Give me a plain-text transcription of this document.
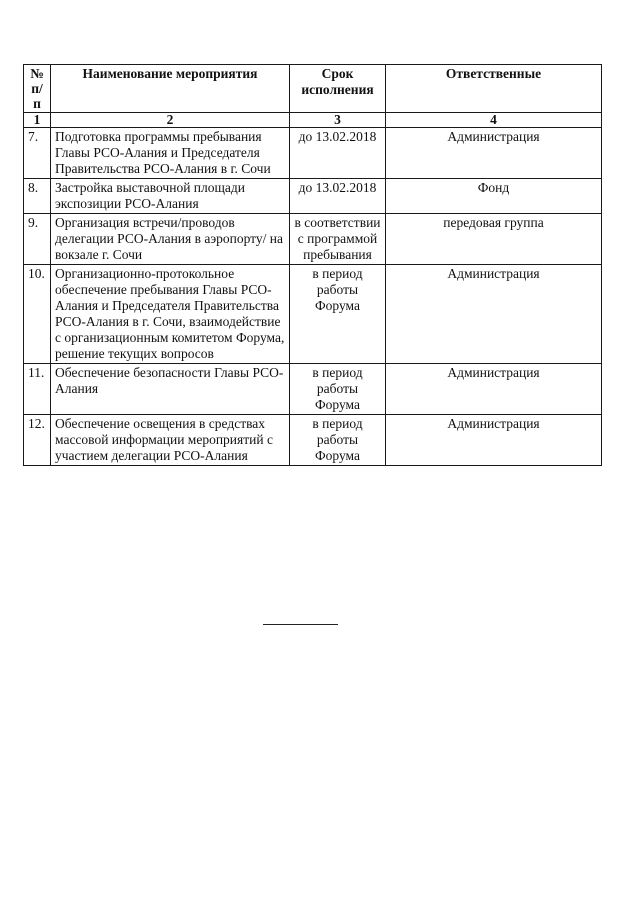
№ п/п	Наименование мероприятия	Срок исполнения	Ответственные
1	2	3	4
7.	Подготовка программы пребывания Главы РСО-Алания и Председателя Правительства РСО-Алания в г. Сочи	до 13.02.2018	Администрация
8.	Застройка выставочной площади экспозиции РСО-Алания	до 13.02.2018	Фонд
9.	Организация встречи/проводов делегации РСО-Алания в аэропорту/ на вокзале г. Сочи	в соответствии с программой пребывания	передовая группа
10.	Организационно-протокольное обеспечение пребывания Главы РСО-Алания и Председателя Правительства РСО-Алания в г. Сочи, взаимодействие с организационным комитетом Форума, решение текущих вопросов	в период работы Форума	Администрация
11.	Обеспечение безопасности Главы РСО-Алания	в период работы Форума	Администрация
12.	Обеспечение освещения в средствах массовой информации мероприятий с участием делегации РСО-Алания	в период работы Форума	Администрация
